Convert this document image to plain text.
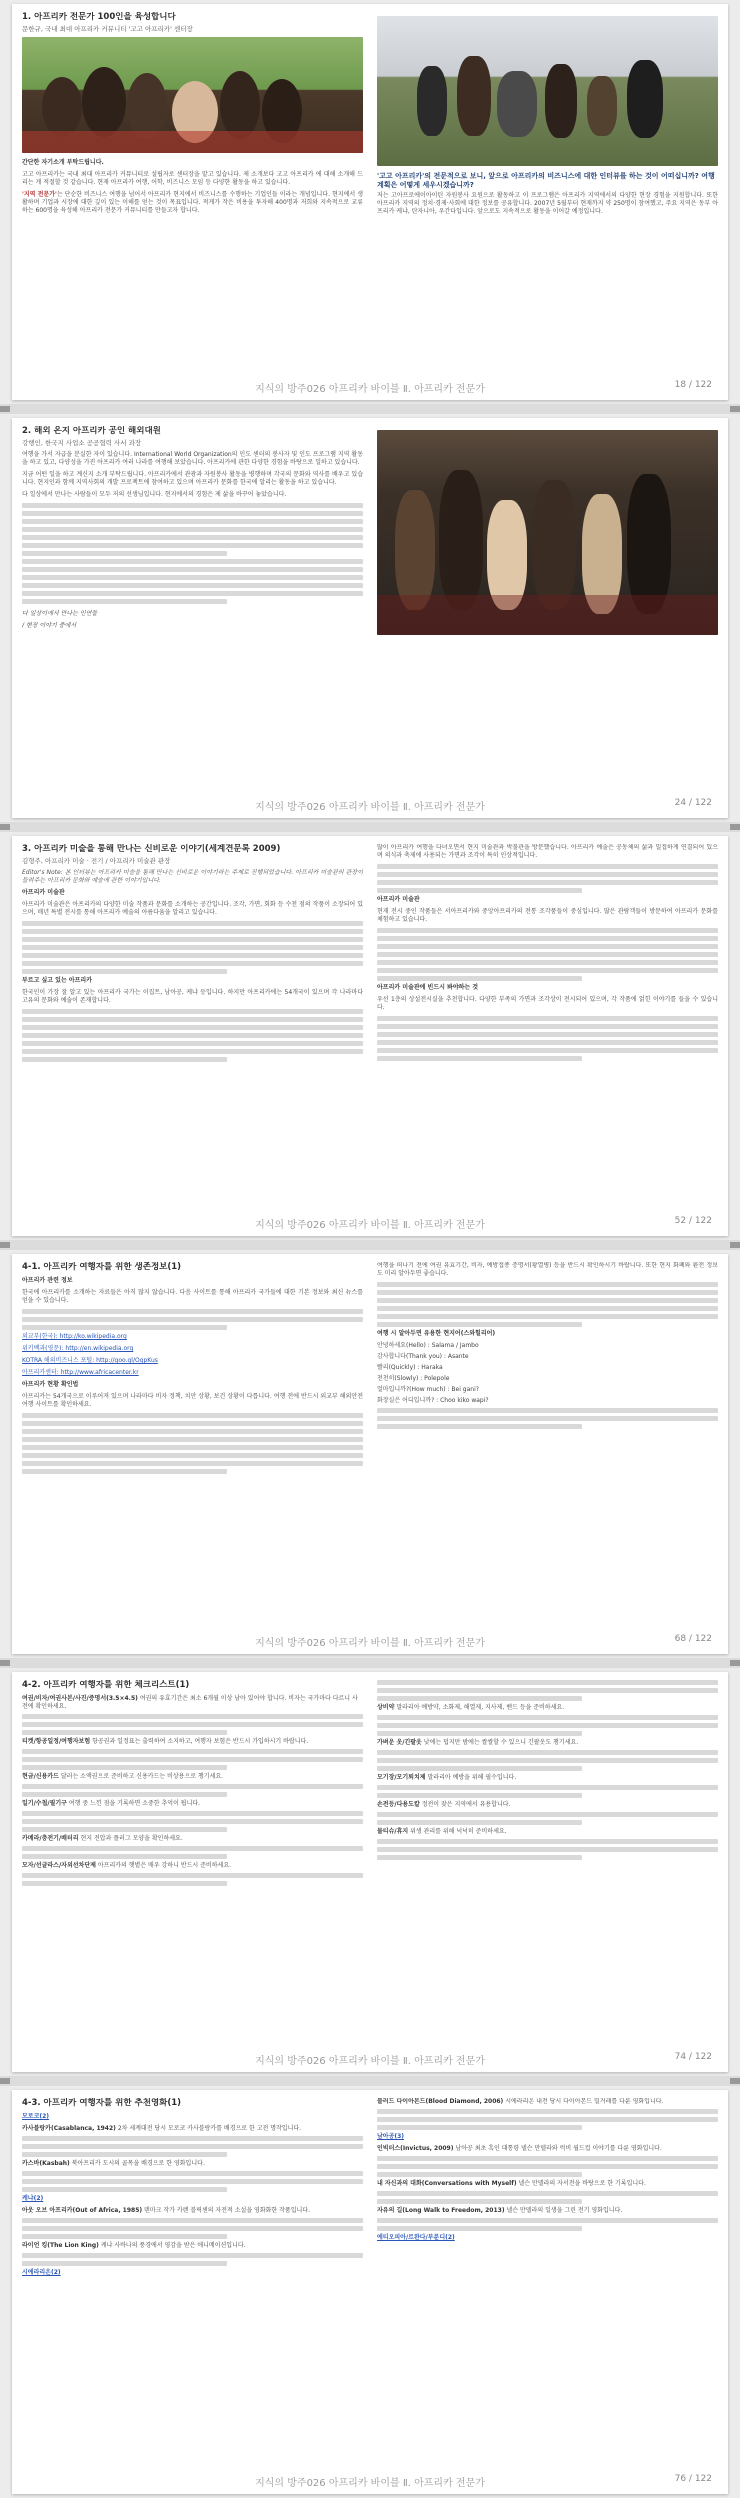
1. 아프리카 전문가 100인을 육성합니다
문한규, 국내 최대 아프리카 커뮤니티 '고고 아프리카' 센터장
간단한 자기소개 부탁드립니다.
고고 아프리카는 국내 최대 아프리카 커뮤니티로 설립자로 센터장을 맡고 있습니다. 제 소개보다 고고 아프리카 에 대해 소개해 드리는 게 적절할 것 같습니다. 현재 아프리카 여행, 어학, 비즈니스 모임 등 다양한 활동을 하고 있습니다.
'지역 전문가'는 단순한 비즈니스 여행을 넘어서 아프리카 현지에서 비즈니스를 수행하는 기업인들 이라는 개념입니다. 현지에서 생활하며 기업과 시장에 대한 깊이 있는 이해를 얻는 것이 목표입니다. 적게가 작은 비용을 투자해 400명과 저희와 지속적으로 교류하는 600명을 육성해 아프리카 전문가 커뮤니티를 만들고자 합니다.
'고고 아프리카'의 전문적으로 보니, 앞으로 아프리카의 비즈니스에 대한 인터뷰를 하는 것이 어떠십니까? 여행 계획은 어떻게 세우시겠습니까?
저는 고아프로에이아이틴 자원봉사 요원으로 활동하고 이 프로그램은 아프리카 지역에서의 다양한 현장 경험을 지원합니다. 또한 아프리카 지역의 정치·경제·사회에 대한 정보를 공유합니다. 2007년 5월부터 현재까지 약 250명이 참여했고, 주요 지역은 동부 아프리카 케냐, 탄자니아, 우간다입니다. 앞으로도 지속적으로 활동을 이어갈 예정입니다.
지식의 방주026 아프리카 바이블 Ⅱ. 아프리카 전문가	18 / 122
2. 해외 온지 아프리카 공인 해외대원
강행인, 한국지 사업소 공공협력 사서 과장
여행을 가서 자급을 분실한 자이 있습니다. International World Organization의 인도 센터의 봉사자 및 인도 프로그램 지역 활동을 하고 있고, 다양성을 가진 아프리카 여러 나라를 여행해 보았습니다. 아프리카에 관한 다양한 경험을 바탕으로 일하고 있습니다.
지금 어떤 일을 하고 계신지 소개 부탁드립니다. 아프리카에서 관광과 자원봉사 활동을 병행하며 각국의 문화와 역사를 배우고 있습니다. 현지인과 함께 지역사회의 개발 프로젝트에 참여하고 있으며 아프리카 문화를 한국에 알리는 활동을 하고 있습니다.
다 일상에서 만나는 사람들이 모두 저의 선생님입니다. 현지에서의 경험은 제 삶을 바꾸어 놓았습니다.
다 일상이에서 만나는 인연들
/ 현장 이야기 중에서
지식의 방주026 아프리카 바이블 Ⅱ. 아프리카 전문가	24 / 122
3. 아프리카 미술을 통해 만나는 신비로운 이야기(세계견문록 2009)
김형주, 아프리카 미술 · 전기 / 아프리카 미술관 관장
Editor's Note: 본 인터뷰는 아프리카 미술을 통해 만나는 신비로운 이야기라는 주제로 진행되었습니다. 아프리카 미술관의 관장이 들려주는 아프리카 문화와 예술에 관한 이야기입니다.
아프리카 미술관
아프리카 미술관은 아프리카의 다양한 미술 작품과 문화를 소개하는 공간입니다. 조각, 가면, 회화 등 수천 점의 작품이 소장되어 있으며, 매년 특별 전시를 통해 아프리카 예술의 아름다움을 알리고 있습니다.
부르고 싶고 있는 아프리카
한국인이 가장 잘 알고 있는 아프리카 국가는 이집트, 남아공, 케냐 등입니다. 하지만 아프리카에는 54개국이 있으며 각 나라마다 고유의 문화와 예술이 존재합니다.
많이 아프리카 여행을 다녀오면서 현지 미술관과 박물관을 방문했습니다. 아프리카 예술은 공동체의 삶과 밀접하게 연결되어 있으며 의식과 축제에 사용되는 가면과 조각이 특히 인상적입니다.
아프리카 미술관
현재 전시 중인 작품들은 서아프리카와 중앙아프리카의 전통 조각품들이 중심입니다. 많은 관람객들이 방문하여 아프리카 문화를 체험하고 있습니다.
아프리카 미술관에 빈드시 봐야하는 것
우선 1층의 상설전시실을 추천합니다. 다양한 부족의 가면과 조각상이 전시되어 있으며, 각 작품에 얽힌 이야기를 들을 수 있습니다.
지식의 방주026 아프리카 바이블 Ⅱ. 아프리카 전문가	52 / 122
4-1. 아프리카 여행자를 위한 생존정보(1)
아프리카 관련 정보
한국에 아프리카를 소개하는 자료들은 아직 많지 않습니다. 다음 사이트를 통해 아프리카 국가들에 대한 기본 정보와 최신 뉴스를 얻을 수 있습니다.
외교부(한국): http://ko.wikipedia.org
위키백과(영문): http://en.wikipedia.org
KOTRA 해외비즈니스 포털: http://goo.gl/OgpKus
아프리카센터: http://www.africacenter.kr
아프리카 현황 확인법
아프리카는 54개국으로 이루어져 있으며 나라마다 비자 정책, 치안 상황, 보건 상황이 다릅니다. 여행 전에 반드시 외교부 해외안전여행 사이트를 확인하세요.
여행을 떠나기 전에 여권 유효기간, 비자, 예방접종 증명서(황열병) 등을 반드시 확인하시기 바랍니다. 또한 현지 화폐와 환전 정보도 미리 알아두면 좋습니다.
여행 시 알아두면 유용한 현지어(스와힐리어)
안녕하세요(Hello) : Salama / Jambo
감사합니다(Thank you) : Asante
빨리(Quickly) : Haraka
천천히(Slowly) : Polepole
얼마입니까?(How much) : Bei gani?
화장실은 어디입니까? : Choo kiko wapi?
지식의 방주026 아프리카 바이블 Ⅱ. 아프리카 전문가	68 / 122
4-2. 아프리카 여행자를 위한 체크리스트(1)
여권/비자/여권사본/사진/증명서(3.5×4.5) 여권의 유효기간은 최소 6개월 이상 남아 있어야 합니다. 비자는 국가마다 다르니 사전에 확인하세요.
티켓/항공일정/여행자보험 항공권과 일정표는 출력하여 소지하고, 여행자 보험은 반드시 가입하시기 바랍니다.
현금/신용카드 달러는 소액권으로 준비하고 신용카드는 비상용으로 챙기세요.
일기/수첩/필기구 여행 중 느낀 점을 기록하면 소중한 추억이 됩니다.
카메라/충전기/배터리 현지 전압과 플러그 모양을 확인하세요.
모자/선글라스/자외선차단제 아프리카의 햇볕은 매우 강하니 반드시 준비하세요.
상비약 말라리아 예방약, 소화제, 해열제, 지사제, 밴드 등을 준비하세요.
가벼운 옷/긴팔옷 낮에는 덥지만 밤에는 쌀쌀할 수 있으니 긴팔옷도 챙기세요.
모기장/모기퇴치제 말라리아 예방을 위해 필수입니다.
손전등/다용도칼 정전이 잦은 지역에서 유용합니다.
물티슈/휴지 위생 관리를 위해 넉넉히 준비하세요.
지식의 방주026 아프리카 바이블 Ⅱ. 아프리카 전문가	74 / 122
4-3. 아프리카 여행자를 위한 추천영화(1)
모로코(2)
카사블랑카(Casablanca, 1942) 2차 세계대전 당시 모로코 카사블랑카를 배경으로 한 고전 명작입니다.
카스바(Kasbah) 북아프리카 도시의 골목을 배경으로 한 영화입니다.
케냐(2)
아웃 오브 아프리카(Out of Africa, 1985) 덴마크 작가 카렌 블릭센의 자전적 소설을 영화화한 작품입니다.
라이언 킹(The Lion King) 케냐 사바나의 풍경에서 영감을 받은 애니메이션입니다.
시에라리온(2)
블러드 다이아몬드(Blood Diamond, 2006) 시에라리온 내전 당시 다이아몬드 밀거래를 다룬 영화입니다.
남아공(3)
인빅터스(Invictus, 2009) 남아공 최초 흑인 대통령 넬슨 만델라와 럭비 월드컵 이야기를 다룬 영화입니다.
내 자신과의 대화(Conversations with Myself) 넬슨 만델라의 자서전을 바탕으로 한 기록입니다.
자유의 길(Long Walk to Freedom, 2013) 넬슨 만델라의 일생을 그린 전기 영화입니다.
에티오피아/르완다/부룬디(2)
지식의 방주026 아프리카 바이블 Ⅱ. 아프리카 전문가	76 / 122
